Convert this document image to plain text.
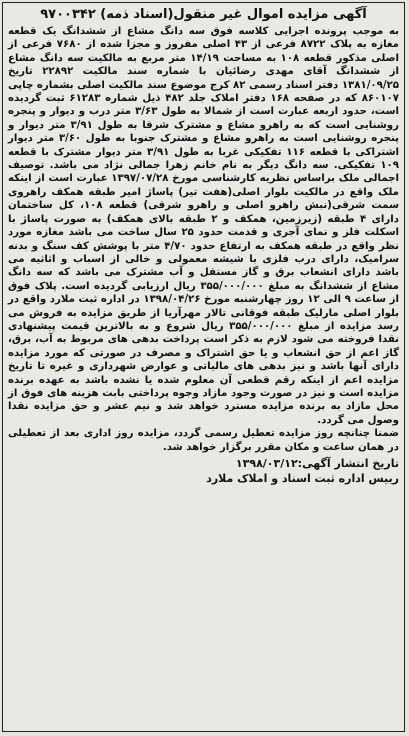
آگهی مزایده اموال غیر منقول(اسناد ذمه) ۹۷۰۰۳۴۲

به موجب پرونده اجرایی کلاسه فوق سه دانگ مشاع از ششدانگ یک قطعه مغازه به پلاک ۸۷۲۲ فرعی از ۴۳ اصلی مفروز و مجزا شده از ۷۶۸۰ فرعی از اصلی مذکور قطعه ۱۰۸ به مساحت ۱۴/۱۹ متر مربع به مالکیت سه دانگ مشاع از ششدانگ آقای مهدی رضائیان با شماره سند مالکیت ۲۲۸۹۲ تاریخ ۱۳۸۱/۰۹/۲۵ دفتر اسناد رسمی ۸۲ کرج موضوع سند مالکیت اصلی بشماره چاپی ۸۶۰۱۰۷ که در صفحه ۱۶۸ دفتر املاک جلد ۴۸۲ ذیل شماره ۶۱۲۸۳ ثبت گردیده است، حدود اربعه عبارت است از شمالا به طول ۳/۶۳ متر درب و دیوار و پنجره روشنایی است که به راهرو مشاع و مشترک شرقا به طول ۳/۹۱ متر دیوار و پنجره روشنایی است به راهرو مشاع و مشترک جنوبا به طول ۳/۶۰ متر دیوار اشتراکی با قطعه ۱۱۶ تفکیکی غربا به طول ۳/۹۱ متر دیوار مشترک با قطعه ۱۰۹ تفکیکی. سه دانگ دیگر به نام خانم زهرا جمالی نژاد می باشد. توصیف اجمالی ملک براساس نظریه کارشناسی مورخ ۱۳۹۷/۰۷/۲۸ عبارت است از اینکه ملک واقع در مالکیت بلوار اصلی(هفت تیر) پاساژ امیر طبقه همکف راهروی سمت شرقی(نبش راهرو اصلی و راهرو شرقی) قطعه ۱۰۸، کل ساختمان دارای ۴ طبقه (زیرزمین، همکف و ۲ طبقه بالای همکف) به صورت پاساژ با اسکلت فلز و نمای آجری و قدمت حدود ۲۵ سال ساخت می باشد مغازه مورد نظر واقع در طبقه همکف به ارتفاع حدود ۴/۷۰ متر با پوشش کف سنگ و بدنه سرامیک، دارای درب فلزی با شیشه معمولی و خالی از اسباب و اثاثیه می باشد دارای انشعاب برق و گاز مستقل و آب مشترک می باشد که سه دانگ مشاع از ششدانگ به مبلغ ۳۵۵/۰۰۰/۰۰۰ ریال ارزیابی گردیده است. پلاک فوق از ساعت ۹ الی ۱۲ روز چهارشنبه مورخ ۱۳۹۸/۰۴/۲۶ در اداره ثبت ملارد واقع در بلوار اصلی مارلیک طبقه فوقانی تالار مهرآریا از طریق مزایده به فروش می رسد مزایده از مبلغ ۳۵۵/۰۰۰/۰۰۰ ریال شروع و به بالاترین قیمت پیشنهادی نقدا فروخته می شود لازم به ذکر است پرداخت بدهی های مربوط به آب، برق، گاز اعم از حق انشعاب و یا حق اشتراک و مصرف در صورتی که مورد مزایده دارای آنها باشد و نیز بدهی های مالیاتی و عوارض شهرداری و غیره تا تاریخ مزایده اعم از اینکه رقم قطعی آن معلوم شده یا نشده باشد به عهده برنده مزایده است و نیز در صورت وجود مازاد وجوه پرداختی بابت هزینه های فوق از محل مازاد به برنده مزایده مسترد خواهد شد و نیم عشر و حق مزایده نقدا وصول می گردد.

ضمنا چنانچه روز مزایده تعطیل رسمی گردد، مزایده روز اداری بعد از تعطیلی در همان ساعت و مکان مقرر برگزار خواهد شد.

تاریخ انتشار آگهی:۱۳۹۸/۰۳/۱۲
رییس اداره ثبت اسناد و املاک ملارد
